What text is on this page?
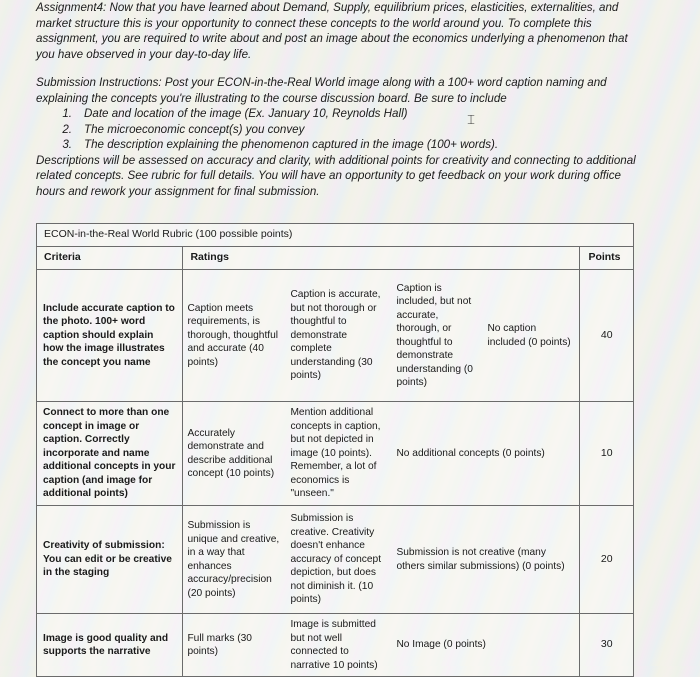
Assignment4: Now that you have learned about Demand, Supply, equilibrium prices, elasticities, externalities, and market structure this is your opportunity to connect these concepts to the world around you. To complete this assignment, you are required to write about and post an image about the economics underlying a phenomenon that you have observed in your day-to-day life.

Submission Instructions: Post your ECON-in-the-Real World image along with a 100+ word caption naming and explaining the concepts you're illustrating to the course discussion board. Be sure to include

1.	Date and location of the image (Ex. January 10, Reynolds Hall)
2.	The microeconomic concept(s) you convey
3.	The description explaining the phenomenon captured in the image (100+ words).

Descriptions will be assessed on accuracy and clarity, with additional points for creativity and connecting to additional related concepts. See rubric for full details. You will have an opportunity to get feedback on your work during office hours and rework your assignment for final submission.

⌶
ECON-in-the-Real World Rubric (100 possible points)		
Criteria	Ratings	Points
Include accurate caption to the photo. 100+ word caption should explain how the image illustrates the concept you name	Caption meets requirements, is thorough, thoughtful and accurate (40 points)
Caption is accurate, but not thorough or thoughtful to demonstrate complete understanding (30 points)
Caption is included, but not accurate, thorough, or thoughtful to demonstrate understanding (0 points)
No caption included (0 points)	40
Connect to more than one concept in image or caption. Correctly incorporate and name additional concepts in your caption (and image for additional points)	Accurately demonstrate and describe additional concept (10 points)
Mention additional concepts in caption, but not depicted in image (10 points). Remember, a lot of economics is "unseen."
No additional concepts (0 points)	10
Creativity of submission: You can edit or be creative in the staging	Submission is unique and creative, in a way that enhances accuracy/precision (20 points)
Submission is creative. Creativity doesn't enhance accuracy of concept depiction, but does not diminish it. (10 points)
Submission is not creative (many others similar submissions) (0 points)	20
Image is good quality and supports the narrative	Full marks (30 points)
Image is submitted but not well connected to narrative 10 points)
No Image (0 points)	30
